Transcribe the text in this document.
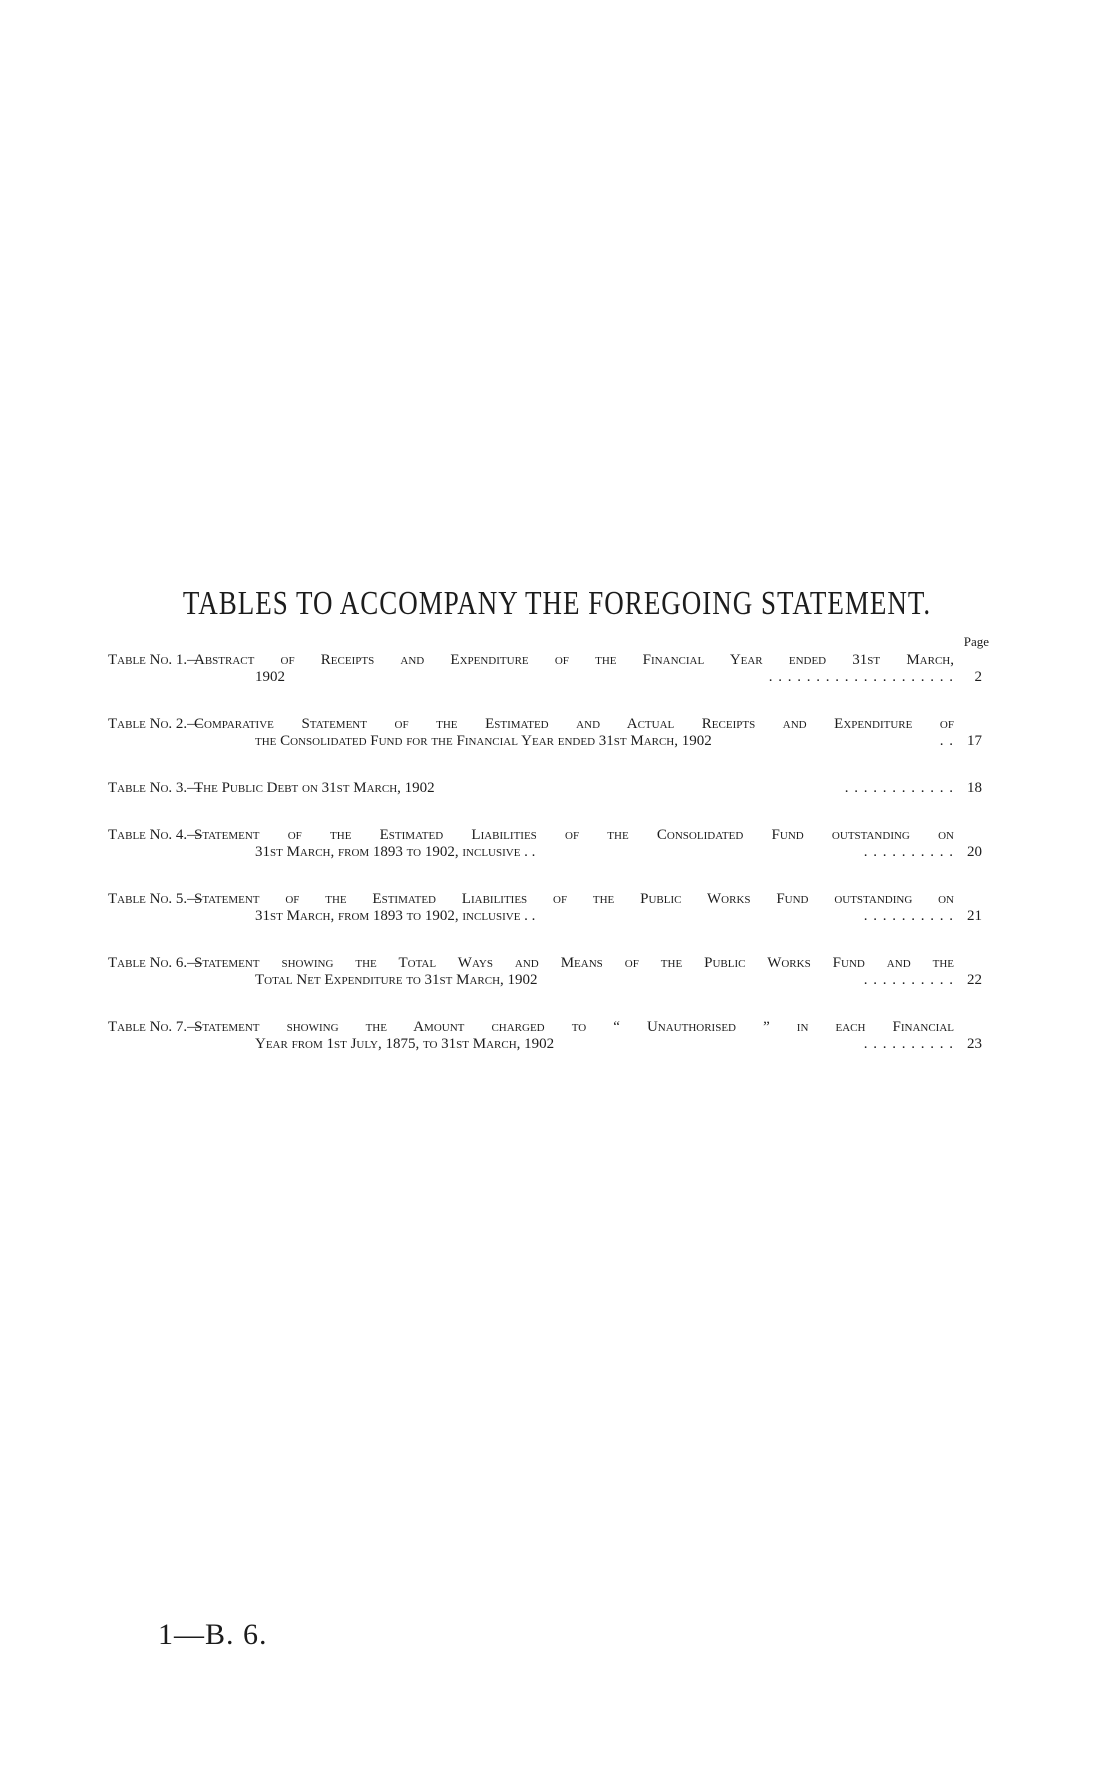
TABLES TO ACCOMPANY THE FOREGOING STATEMENT.
Page
Table No. 1.—
Abstract of Receipts and Expenditure of the Financial Year ended 31st March,
1902	. . . . . . . . . . . . . . . . . . . .	2
Table No. 2.—
Comparative Statement of the Estimated and Actual Receipts and Expenditure of
the Consolidated Fund for the Financial Year ended 31st March, 1902	. . 17
Table No. 3.—
The Public Debt on 31st March, 1902	. . . . . . . . . . . . 18
Table No. 4.—
Statement of the Estimated Liabilities of the Consolidated Fund outstanding on
31st March, from 1893 to 1902, inclusive . .	. . . . . . . . . . 20
Table No. 5.—
Statement of the Estimated Liabilities of the Public Works Fund outstanding on
31st March, from 1893 to 1902, inclusive . .	. . . . . . . . . . 21
Table No. 6.—
Statement showing the Total Ways and Means of the Public Works Fund and the
Total Net Expenditure to 31st March, 1902	. . . . . . . . . . 22
Table No. 7.—
Statement showing the Amount charged to “ Unauthorised ” in each Financial
Year from 1st July, 1875, to 31st March, 1902	. . . . . . . . . . 23
1—B. 6.
